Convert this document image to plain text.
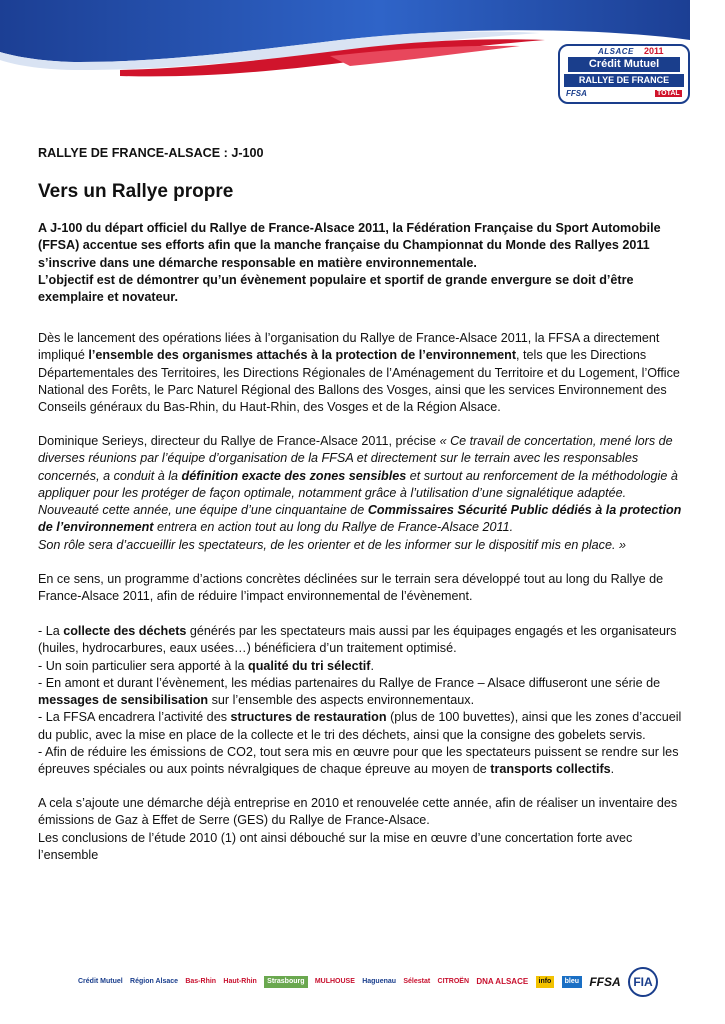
ALSACE 2011
Crédit Mutuel
RALLYE DE FRANCE
FFSA	TOTAL
RALLYE DE FRANCE-ALSACE : J-100
Vers un Rallye propre

A J-100 du départ officiel du Rallye de France-Alsace 2011, la Fédération Française du Sport Automobile (FFSA) accentue ses efforts afin que la manche française du Championnat du Monde des Rallyes 2011 s’inscrive dans une démarche responsable en matière environnementale.

L’objectif est de démontrer qu’un évènement populaire et sportif de grande envergure se doit d’être exemplaire et novateur.

Dès le lancement des opérations liées à l’organisation du Rallye de France-Alsace 2011, la FFSA a directement impliqué l’ensemble des organismes attachés à la protection de l’environnement, tels que les Directions Départementales des Territoires, les Directions Régionales de l’Aménagement du Territoire et du Logement, l’Office National des Forêts, le Parc Naturel Régional des Ballons des Vosges, ainsi que les services Environnement des Conseils généraux du Bas-Rhin, du Haut-Rhin, des Vosges et de la Région Alsace.

Dominique Serieys, directeur du Rallye de France-Alsace 2011, précise « Ce travail de concertation, mené lors de diverses réunions par l’équipe d’organisation de la FFSA et directement sur le terrain avec les responsables concernés, a conduit à la définition exacte des zones sensibles et surtout au renforcement de la méthodologie à appliquer pour les protéger de façon optimale, notamment grâce à l’utilisation d’une signalétique adaptée.

Nouveauté cette année, une équipe d’une cinquantaine de Commissaires Sécurité Public dédiés à la protection de l’environnement entrera en action tout au long du Rallye de France-Alsace 2011.

Son rôle sera d’accueillir les spectateurs, de les orienter et de les informer sur le dispositif mis en place. »

En ce sens, un programme d’actions concrètes déclinées sur le terrain sera développé tout au long du Rallye de France-Alsace 2011, afin de réduire l’impact environnemental de l’évènement.

- La collecte des déchets générés par les spectateurs mais aussi par les équipages engagés et les organisateurs (huiles, hydrocarbures, eaux usées…) bénéficiera d’un traitement optimisé.

- Un soin particulier sera apporté à la qualité du tri sélectif.

- En amont et durant l’évènement, les médias partenaires du Rallye de France – Alsace diffuseront une série de messages de sensibilisation sur l’ensemble des aspects environnementaux.

- La FFSA encadrera l’activité des structures de restauration (plus de 100 buvettes), ainsi que les zones d’accueil du public, avec la mise en place de la collecte et le tri des déchets, ainsi que la consigne des gobelets servis.

- Afin de réduire les émissions de CO2, tout sera mis en œuvre pour que les spectateurs puissent se rendre sur les épreuves spéciales ou aux points névralgiques de chaque épreuve au moyen de transports collectifs.

A cela s’ajoute une démarche déjà entreprise en 2010 et renouvelée cette année, afin de réaliser un inventaire des émissions de Gaz à Effet de Serre (GES) du Rallye de France-Alsace.

Les conclusions de l’étude 2010 (1) ont ainsi débouché sur la mise en œuvre d’une concertation forte avec l’ensemble

Crédit Mutuel Région Alsace Bas-Rhin Haut-Rhin	Strasbourg	MULHOUSE Haguenau Sélestat CITROËN DNA ALSACE	info	bleu FFSA	FIA
